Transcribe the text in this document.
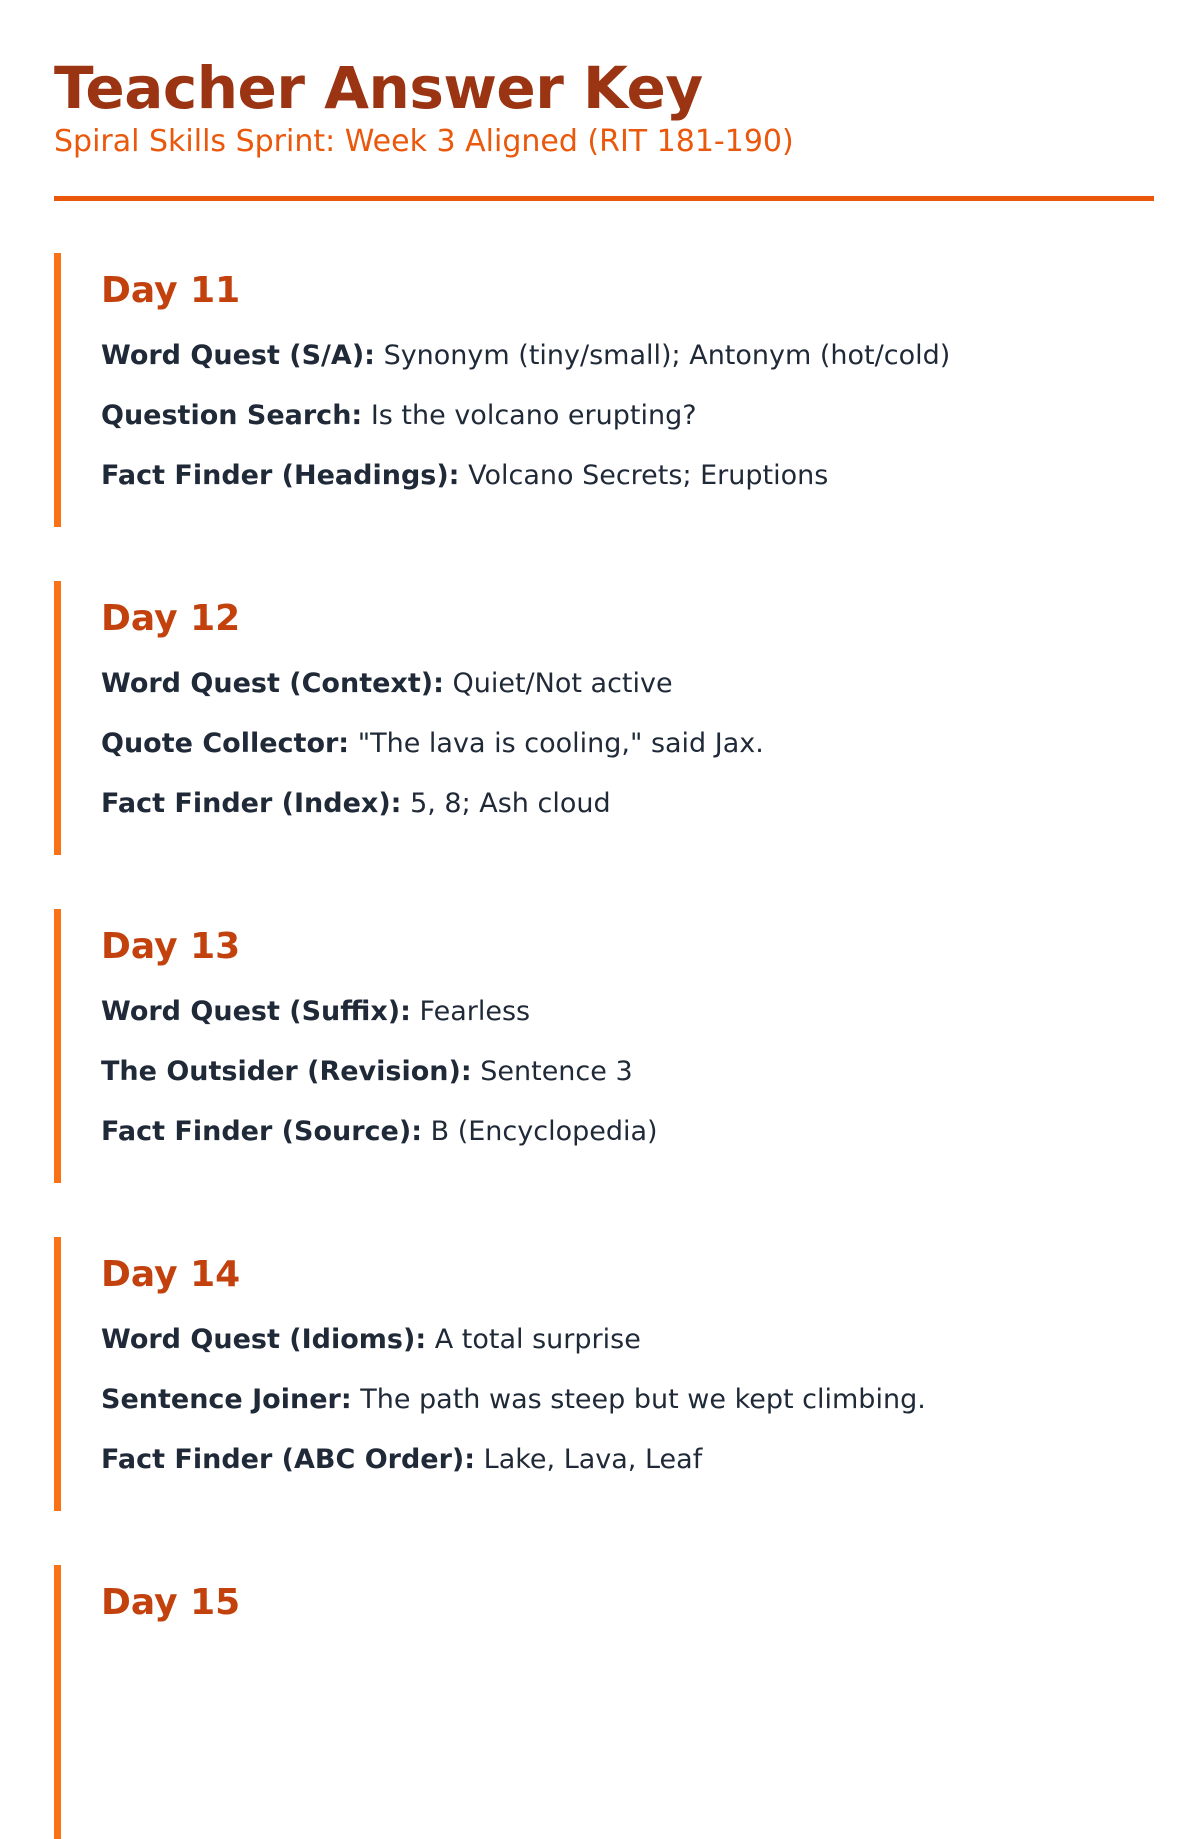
Teacher Answer Key
Spiral Skills Sprint: Week 3 Aligned (RIT 181-190)
Day 11

Word Quest (S/A): Synonym (tiny/small); Antonym (hot/cold)

Question Search: Is the volcano erupting?

Fact Finder (Headings): Volcano Secrets; Eruptions

Day 12

Word Quest (Context): Quiet/Not active

Quote Collector: "The lava is cooling," said Jax.

Fact Finder (Index): 5, 8; Ash cloud

Day 13

Word Quest (Suffix): Fearless

The Outsider (Revision): Sentence 3

Fact Finder (Source): B (Encyclopedia)

Day 14

Word Quest (Idioms): A total surprise

Sentence Joiner: The path was steep but we kept climbing.

Fact Finder (ABC Order): Lake, Lava, Leaf

Day 15
